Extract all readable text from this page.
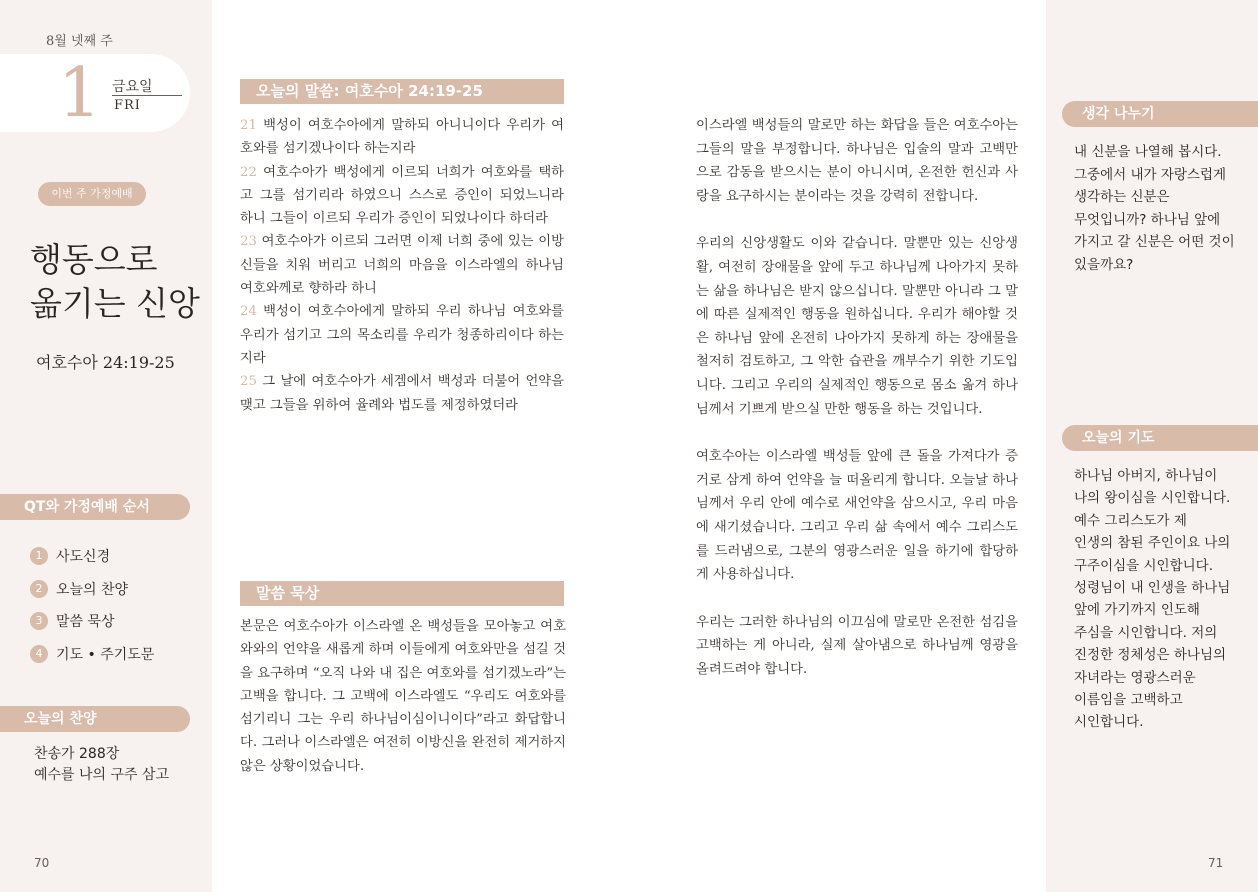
8월 넷째 주
1 금요일
FRI
이번 주 가정예배
행동으로
옮기는 신앙
여호수아 24:19-25
QT와 가정예배 순서
1 사도신경
2 오늘의 찬양
3 말씀 묵상
4 기도 • 주기도문
오늘의 찬양
찬송가 288장
예수를 나의 구주 삼고
70
오늘의 말씀: 여호수아 24:19-25
21 백성이 여호수아에게 말하되 아니니이다 우리가 여호와를 섬기겠나이다 하는지라
22 여호수아가 백성에게 이르되 너희가 여호와를 택하고 그를 섬기리라 하였으니 스스로 증인이 되었느니라 하니 그들이 이르되 우리가 증인이 되었나이다 하더라
23 여호수아가 이르되 그러면 이제 너희 중에 있는 이방 신들을 치워 버리고 너희의 마음을 이스라엘의 하나님 여호와께로 향하라 하니
24 백성이 여호수아에게 말하되 우리 하나님 여호와를 우리가 섬기고 그의 목소리를 우리가 청종하리이다 하는지라
25 그 날에 여호수아가 세겜에서 백성과 더불어 언약을 맺고 그들을 위하여 율례와 법도를 제정하였더라
말씀 묵상
본문은 여호수아가 이스라엘 온 백성들을 모아놓고 여호와와의 언약을 새롭게 하며 이들에게 여호와만을 섬길 것을 요구하며 “오직 나와 내 집은 여호와를 섬기겠노라”는 고백을 합니다. 그 고백에 이스라엘도 “우리도 여호와를 섬기리니 그는 우리 하나님이심이니이다”라고 화답합니다. 그러나 이스라엘은 여전히 이방신을 완전히 제거하지 않은 상황이었습니다.

이스라엘 백성들의 말로만 하는 화답을 들은 여호수아는 그들의 말을 부정합니다. 하나님은 입술의 말과 고백만으로 감동을 받으시는 분이 아니시며, 온전한 헌신과 사랑을 요구하시는 분이라는 것을 강력히 전합니다.

우리의 신앙생활도 이와 같습니다. 말뿐만 있는 신앙생활, 여전히 장애물을 앞에 두고 하나님께 나아가지 못하는 삶을 하나님은 받지 않으십니다. 말뿐만 아니라 그 말에 따른 실제적인 행동을 원하십니다. 우리가 해야할 것은 하나님 앞에 온전히 나아가지 못하게 하는 장애물을 철저히 검토하고, 그 악한 습관을 깨부수기 위한 기도입니다. 그리고 우리의 실제적인 행동으로 몸소 옮겨 하나님께서 기쁘게 받으실 만한 행동을 하는 것입니다.

여호수아는 이스라엘 백성들 앞에 큰 돌을 가져다가 증거로 삼게 하여 언약을 늘 떠올리게 합니다. 오늘날 하나님께서 우리 안에 예수로 새언약을 삼으시고, 우리 마음에 새기셨습니다. 그리고 우리 삶 속에서 예수 그리스도를 드러냄으로, 그분의 영광스러운 일을 하기에 합당하게 사용하십니다.

우리는 그러한 하나님의 이끄심에 말로만 온전한 섬김을 고백하는 게 아니라, 실제 살아냄으로 하나님께 영광을 올려드려야 합니다.

생각 나누기
내 신분을 나열해 봅시다.
그중에서 내가 자랑스럽게
생각하는 신분은
무엇입니까? 하나님 앞에
가지고 갈 신분은 어떤 것이
있을까요?
오늘의 기도
하나님 아버지, 하나님이
나의 왕이심을 시인합니다.
예수 그리스도가 제
인생의 참된 주인이요 나의
구주이심을 시인합니다.
성령님이 내 인생을 하나님
앞에 가기까지 인도해
주심을 시인합니다. 저의
진정한 정체성은 하나님의
자녀라는 영광스러운
이름임을 고백하고
시인합니다.
71
